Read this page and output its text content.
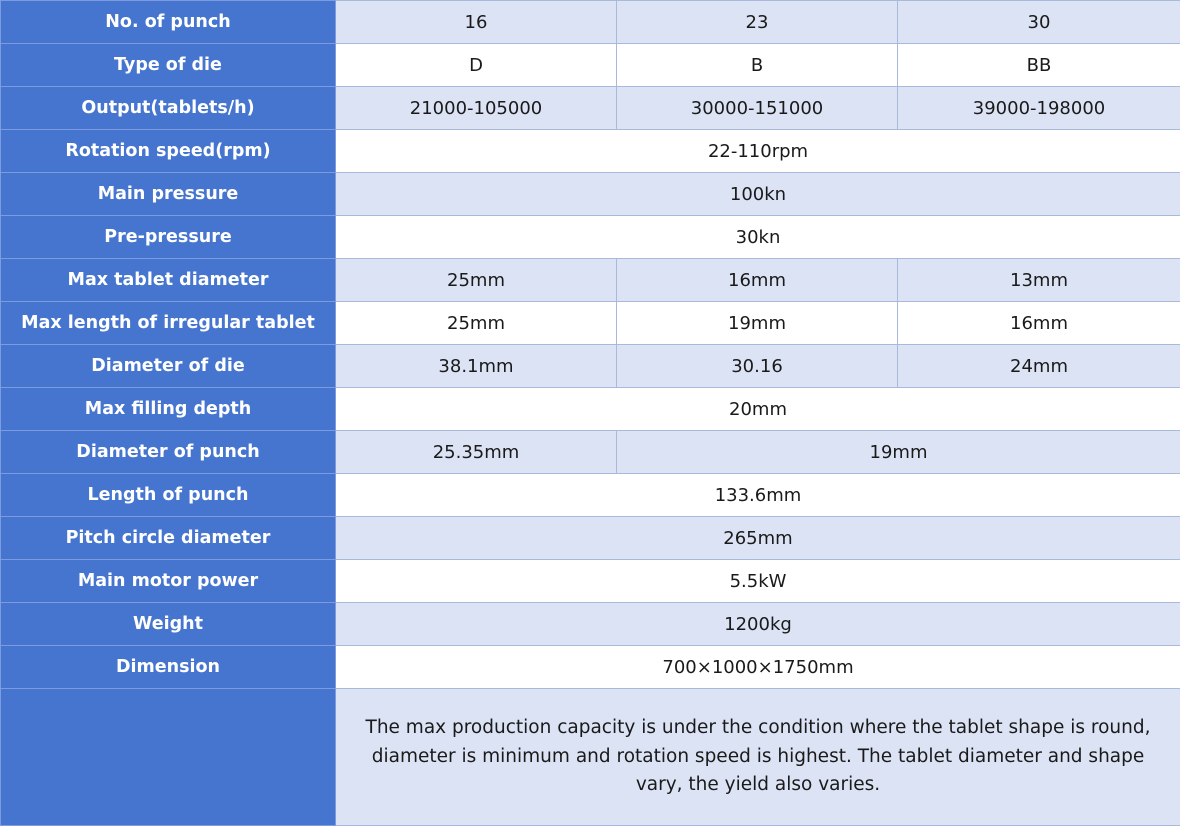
No. of punch	16	23	30
Type of die	D	B	BB
Output(tablets/h)	21000-105000	30000-151000	39000-198000
Rotation speed(rpm)	22-110rpm		
Main pressure	100kn		
Pre-pressure	30kn		
Max tablet diameter	25mm	16mm	13mm
Max length of irregular tablet	25mm	19mm	16mm
Diameter of die	38.1mm	30.16	24mm
Max filling depth	20mm		
Diameter of punch	25.35mm	19mm	
Length of punch	133.6mm		
Pitch circle diameter	265mm		
Main motor power	5.5kW		
Weight	1200kg		
Dimension	700×1000×1750mm		
	The max production capacity is under the condition where the tablet shape is round, diameter is minimum and rotation speed is highest. The tablet diameter and shape vary, the yield also varies.		
